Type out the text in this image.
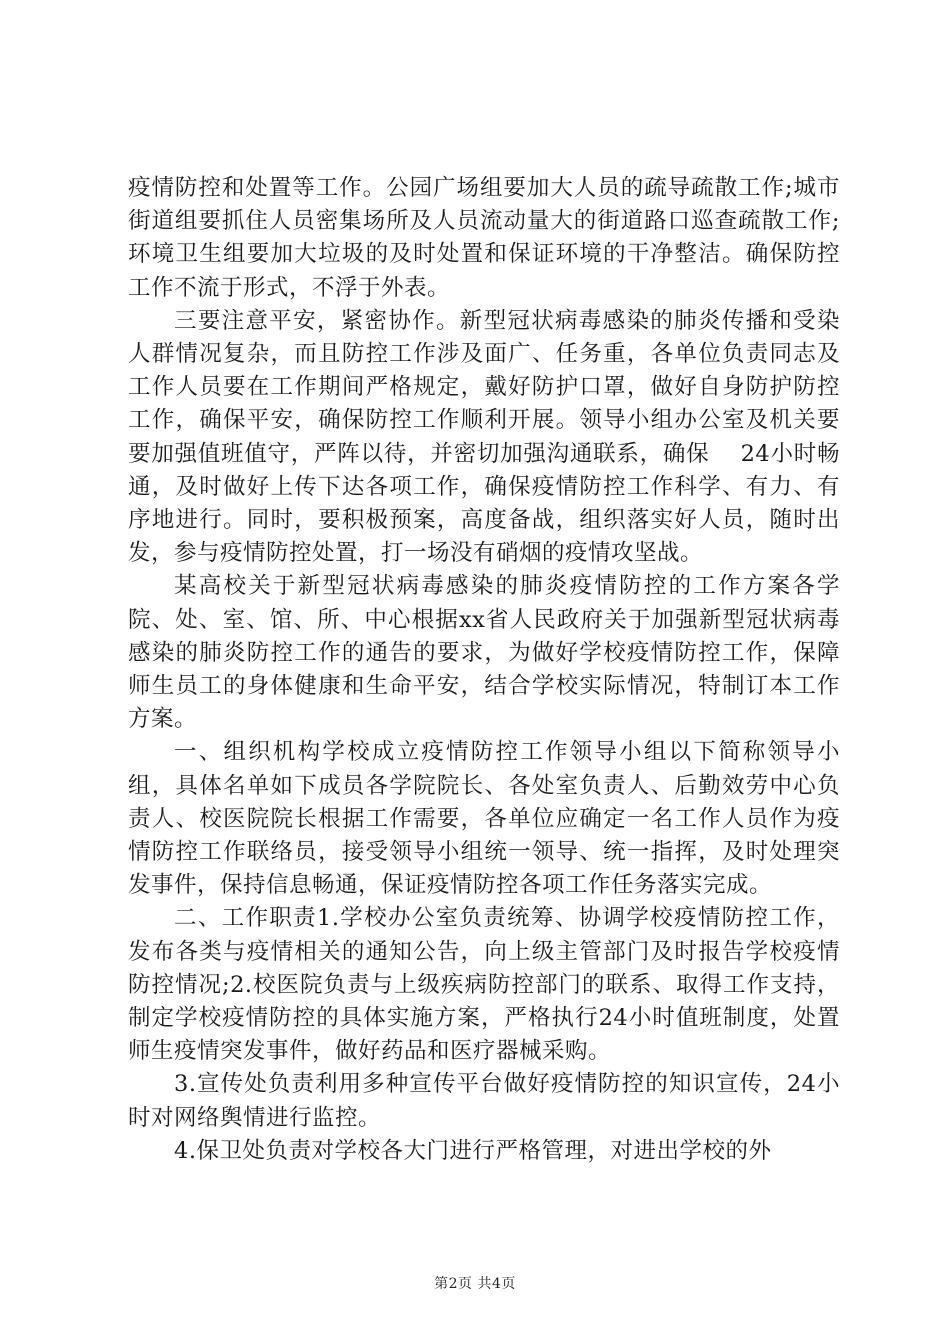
疫情防控和处置等工作。公园广场组要加大人员的疏导疏散工作;城市街道组要抓住人员密集场所及人员流动量大的街道路口巡查疏散工作;环境卫生组要加大垃圾的及时处置和保证环境的干净整洁。确保防控工作不流于形式，不浮于外表。

三要注意平安，紧密协作。新型冠状病毒感染的肺炎传播和受染人群情况复杂，而且防控工作涉及面广、任务重，各单位负责同志及工作人员要在工作期间严格规定，戴好防护口罩，做好自身防护防控工作，确保平安，确保防控工作顺利开展。领导小组办公室及机关要要加强值班值守，严阵以待，并密切加强沟通联系，确保　 24小时畅通，及时做好上传下达各项工作，确保疫情防控工作科学、有力、有序地进行。同时，要积极预案，高度备战，组织落实好人员，随时出发，参与疫情防控处置，打一场没有硝烟的疫情攻坚战。

某高校关于新型冠状病毒感染的肺炎疫情防控的工作方案各学院、处、室、馆、所、中心根据xx省人民政府关于加强新型冠状病毒感染的肺炎防控工作的通告的要求，为做好学校疫情防控工作，保障师生员工的身体健康和生命平安，结合学校实际情况，特制订本工作方案。

一、组织机构学校成立疫情防控工作领导小组以下简称领导小组，具体名单如下成员各学院院长、各处室负责人、后勤效劳中心负责人、校医院院长根据工作需要，各单位应确定一名工作人员作为疫情防控工作联络员，接受领导小组统一领导、统一指挥，及时处理突发事件，保持信息畅通，保证疫情防控各项工作任务落实完成。

二、工作职责1.学校办公室负责统筹、协调学校疫情防控工作，发布各类与疫情相关的通知公告，向上级主管部门及时报告学校疫情防控情况;2.校医院负责与上级疾病防控部门的联系、取得工作支持，制定学校疫情防控的具体实施方案，严格执行24小时值班制度，处置师生疫情突发事件，做好药品和医疗器械采购。

3.宣传处负责利用多种宣传平台做好疫情防控的知识宣传，24小时对网络舆情进行监控。

4.保卫处负责对学校各大门进行严格管理，对进出学校的外

第2页 共4页
